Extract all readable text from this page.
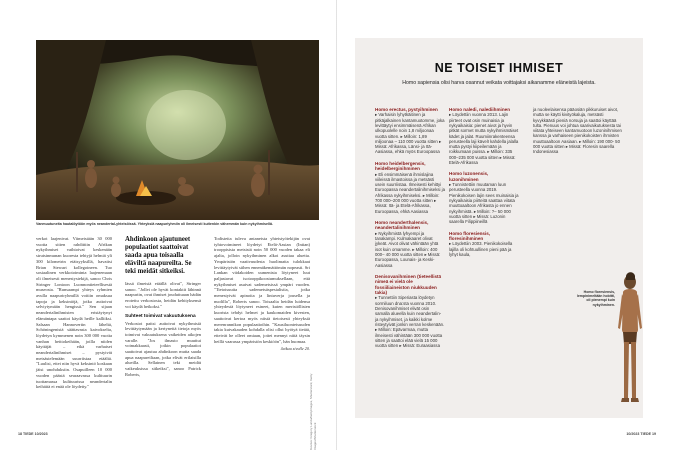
Vanmuutuneita hautalöytöön myös neandertal-yhteisöissä. Yhteyksiä naapuriyhmiin oli ilmeisesti kuitenkin vähemmän kuin nykyihmisellä.
verkot laajenivat. Viimeistään 30 000 vuotta sitten rahdittiin Afrikan nykyihmiset vaihtoivat keskenään strutsinmunan kuoresta tehtyjä helmiä yli 300 kilometrin etäisyyksillä, havaitsi Brian Stewart kollegoineen. Tuo sosiaalinen verkkotoiminta laajenemaan oli ilmeisesti menestystekijä, sanoo Chris Stringer Lontoon Luonnontieteellisestä museosta. "Runsaampi yhteys ryhmien avulla naapuriryhmillä voitiin omaksua tapoja ja keksintöjä, jotka auttoivat selviytymään hengissä." Sen sijaan neandertalinihmisten eristäytynyt elämäntapa saattoi käydä heille kalliiksi. Salsaan Hannovertin läheltä, Schöningenistä säättavasta kaivokselta, löydetyn kymmenen noin 300 000 vuotta vanhan heittokeihään, joilla niiden käyttäjät – eikä varhaiset neandertalinihmiset – pystyivät metsästelemään suurriistaa etäältä. "Luulisi, ettei niin hyvä keksintö koskaan jäisi unohduksiin. Osapuilleen 10 000 vuoden päästä seuraavassa kulttuurin tuottamassa kulttuurissa neandertalin keihäitä ei enää ole löydetty."
Ahdinkoon ajautuneet populaatiot saattoivat saada apua toisaalla eläviltä naapureilta. Se teki meidät sitkeiksi.
lässä ilmeisiä etäällä olivat", Stringer sanoo. "Jollei ole hyvät kontaktit lähinnä naapuriin, ovat ihmiset jouduttuaan hädän erotettu verkostosta, heidän kehityksensä voi käydä heikoksi."
Suhteet toimivat vakuutuksena
Verkostot paitsi auttoivat nykyihmisiä levittäytymään ja kertyneitä tietoja myös toimivat vakuutuksena vaikeiden aikojen varalle. "Jos ilmasto muuttui voimakkaasti, jotkin populaatiot saattoivat ajautua ahdinkoon mutta saada apua naapureiltaan, jotka elivät erilaisilla alueilla. Sellainen teki meidät vaikeuksissa sitkeiksi", sanoo Patrick Roberts,
Todisteita tuleva antaneista yhteistyötekijän ovat tyhtovoimineet löydetyt Etelä-Aasian (Intian) trooppisista metsistä noin 50 000 vuoden takaa eli ajalta, jolloin nykyihminen alkoi asuttaa aluetta. Ympäristön vaativuudesta huolimatta tulokkaat levittäytyivät siihen ennenäkemättömän nopeasti. Sri Lankan viidakoiden uumenista löytyneet luut paljastavat isotooppikoostumuksellaan, että nykyihmiset asuivat sademetsissä ympäri vuoden. "Tietoisuutta sademetsäspesialistia, jotka menestyivät apinoita ja lintuverja jousella ja nuolilla", Roberts sanoo. Toisaalta heidän luidensa yhteydestä löytyneet esineet, kuten meristöllisten kuorista tehdyt helmet ja kaukomaiden kivesten, saattoivat kertoa myös niistä tietoisesti yhteyksiä merenrannikon populaatioihin. "Kausiluonteisuuden takia kuivakauden kohdalla olisi ollut hyötyä tietää, etteivät he olleet omiaan, jottei mennyt niitä täysin heillä vaarassa ympäristön keskiöön", hän huomaa.
Jatkuu sivulle 20.
Kuvitus: Gregory Lundu/Gettyimages, Shutterstock, Getty Images/Shutterstock
18 TIEDE 10/2023	10/2023 TIEDE 19
NE TOISET IHMISET
Homo sapiensia olisi harva osannut veikata voittajaksi aikanamme eläneistä lajeista.
Homo erectus, pystyihminen

▸ Varhaisin lyhytkäitinen ja pitkäjalkainen kantamuotomme, joka levittäytyi ensimmäisenä Afrikan ulkopuolelle noin 1,8 miljoonaa vuotta sitten. ▸ Milloin: 1,89 miljoonaa – 110 000 vuotta sitten ▸ Missä: Afrikassa, Länsi- ja Itä-Aasiassa, ehkä myös Euroopassa

Homo heidelbergensis, heidelberginihminen

▸ Eli ensimmäisenä ihmislajina viileissä ilmastoissa ja metsästi usein suurriistaa. Ilmeisesti kehittyi Euroopassa neandertalinihmiseksi ja Afrikassa nykyihmiseksi. ▸ Milloin: 700 000–200 000 vuotta sitten ▸ Missä: Itä- ja Etelä-Afrikassa, Euroopassa, ehkä Aasiassa

Homo neanderthalensis, neandertalinihminen

▸ Nykyihmistä lyhyempi ja tanakampi. Kulmakaaret olivat jykeät. Aivot olivat vähintään yhtä isot kuin omamme. ▸ Milloin: 400 000– 40 000 vuotta sitten ▸ Missä: Euroopassa, Lounais- ja Keski-Aasiassa

Denisovanihminen (tieteellistä nimeä ei vielä ole fossiiliaineiston niukkuuden takia)

▸ Tunnettiin Siperiasta löydetyn sormiluun dna:sta vuonna 2010. Denisovanihmiset elivät osin samalla alueella kuin neandertalin- ja nykyihmiset, ja kaikki kolme risteytyivät jonkin verran keskenään. ▸ Milloin: Epävarmaa, mutta ilmeisesti vähintään 300 000 vuotta sitten ja saattoi elää vielä 15 000 vuotta sitten ▸ Missä: Euraasiassa

Homo naledi, nalediihminen

▸ Löydettiin vuonna 2013. Lajin piirteet ovat osin muinaisia ja nykyaikaisia: pienet aivot ja hyvin pitkät sormet mutta nykyihmismäiset kädet ja jalat. Ruumiinrakenteensa perusteella laji kävelI kahdella jalalla mutta pystyi kiipeilemään ja roikkumaan puissa. ▸ Milloin: 335 000–235 000 vuotta sitten ▸ Missä: Etelä-Afrikassa

Homo luzonensis, luzonihminen

▸ Tunnistettiin muutaman luun perusteella vuonna 2019. Pienikokoisen lajin sees muinaisia ja nykyaikaisia piirteitä saattaa viitata muuttoaaltoon Afrikasta jo ennen nykyihmistä. ▸ Milloin: ?– 50 000 vuotta sitten ▸ Missä: Luzonin saarella Filippiineillä

Homo floresiensis, floresinihminen

▸ Löydettiin 2003. Pienikokoisella lajilla oli kohtuullinen pieni pää ja lyhyt kaula,

ja nuoleelaisensa pääosiän pikkuruiset aivot, mutta se käytti kivityökaluja, metsästi kyvykkäästi pieniä norsuja ja saattoi käyttää tulta. Pienuus voi johtua saarivaikutuksesta tai viitata yhteiseen kantamuotoon luzoninihmisen kanssa ja varhaiseen pienikokoisten ihmisten muuttoaaltoon Aasiaan. ▸ Milloin: 190 000- 50 000 vuotta sitten ▸ Missä: Floresin saarella Indonesiassa

Homo floresiensis, lempinimeltään hobitti, oli pienempi kuin nykyihminen.
